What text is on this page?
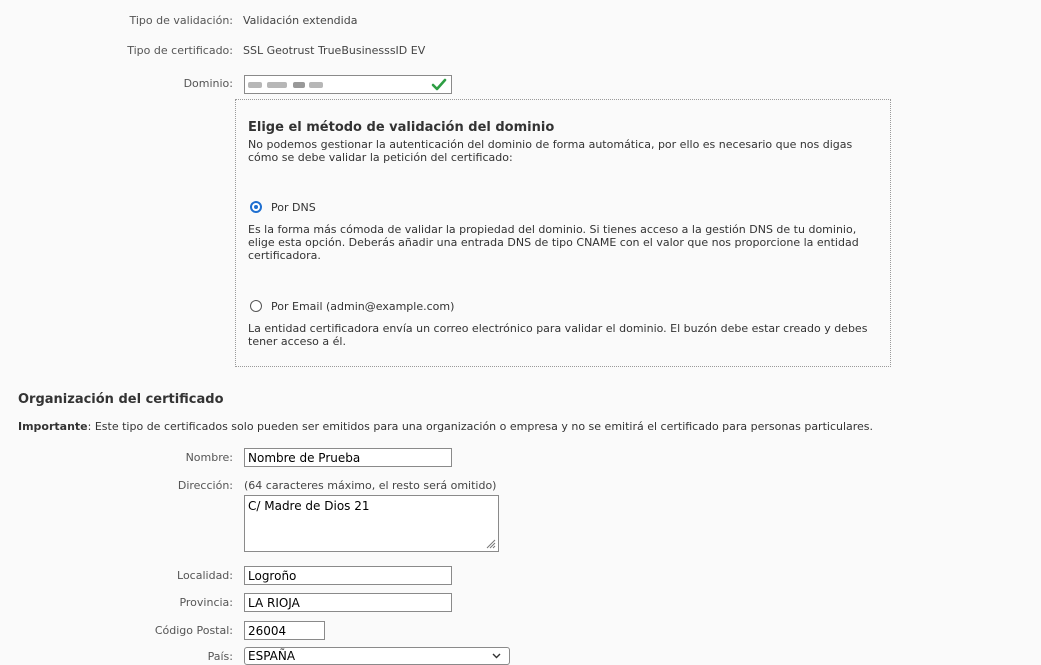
Tipo de validación: Validación extendida
Tipo de certificado: SSL Geotrust TrueBusinesssID EV
Dominio:
Elige el método de validación del dominio
No podemos gestionar la autenticación del dominio de forma automática, por ello es necesario que nos digas cómo se debe validar la petición del certificado:
Por DNS
Es la forma más cómoda de validar la propiedad del dominio. Si tienes acceso a la gestión DNS de tu dominio, elige esta opción. Deberás añadir una entrada DNS de tipo CNAME con el valor que nos proporcione la entidad certificadora.
Por Email (admin@example.com)
La entidad certificadora envía un correo electrónico para validar el dominio. El buzón debe estar creado y debes tener acceso a él.
Organización del certificado
Importante: Este tipo de certificados solo pueden ser emitidos para una organización o empresa y no se emitirá el certificado para personas particulares.
Nombre:
Nombre de Prueba
Dirección: (64 caracteres máximo, el resto será omitido)
C/ Madre de Dios 21
Localidad:
Logroño
Provincia:
LA RIOJA
Código Postal:
26004
País:	ESPAÑA
